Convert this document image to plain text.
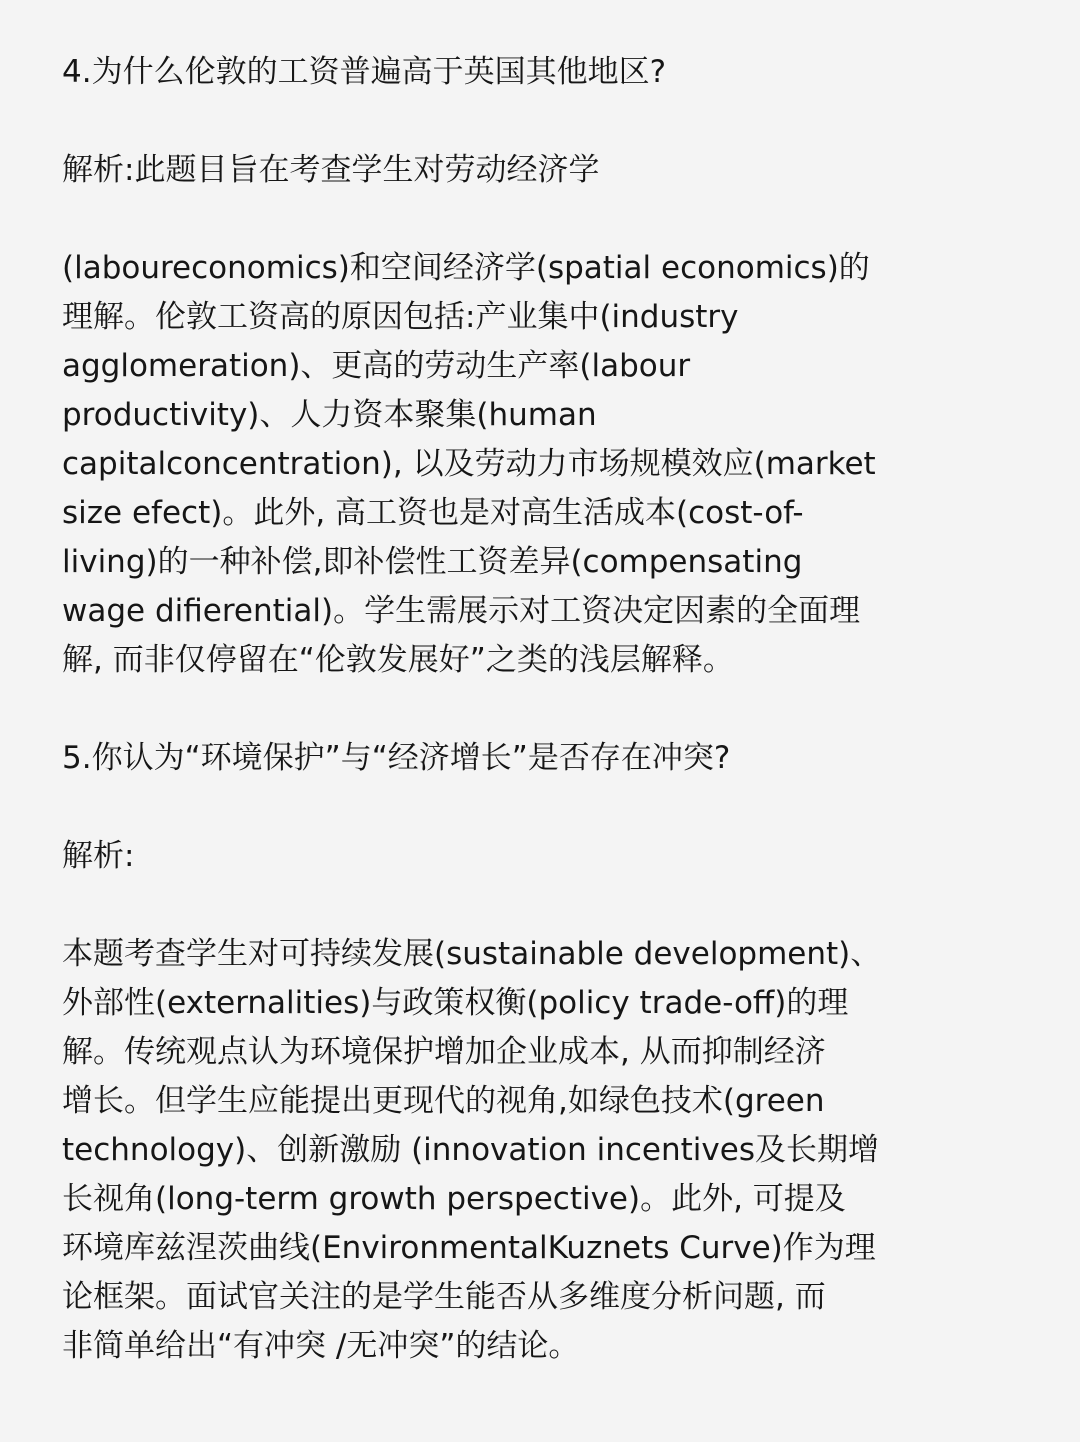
4.为什么伦敦的工资普遍高于英国其他地区?
解析:此题目旨在考查学生对劳动经济学
(laboureconomics)和空间经济学(spatial economics)的
理解。伦敦工资高的原因包括:产业集中(industry
agglomeration)、更高的劳动生产率(labour
productivity)、人力资本聚集(human
capitalconcentration), 以及劳动力市场规模效应(market
size efect)。此外, 高工资也是对高生活成本(cost-of-
living)的一种补偿,即补偿性工资差异(compensating
wage difierential)。学生需展示对工资决定因素的全面理
解, 而非仅停留在“伦敦发展好”之类的浅层解释。
5.你认为“环境保护”与“经济增长”是否存在冲突?
解析:
本题考查学生对可持续发展(sustainable development)、
外部性(externalities)与政策权衡(policy trade-off)的理
解。传统观点认为环境保护增加企业成本, 从而抑制经济
增长。但学生应能提出更现代的视角,如绿色技术(green
technology)、创新激励 (innovation incentives及长期增
长视角(long-term growth perspective)。此外, 可提及
环境库兹涅茨曲线(EnvironmentalKuznets Curve)作为理
论框架。面试官关注的是学生能否从多维度分析问题, 而
非简单给出“有冲突 /无冲突”的结论。
